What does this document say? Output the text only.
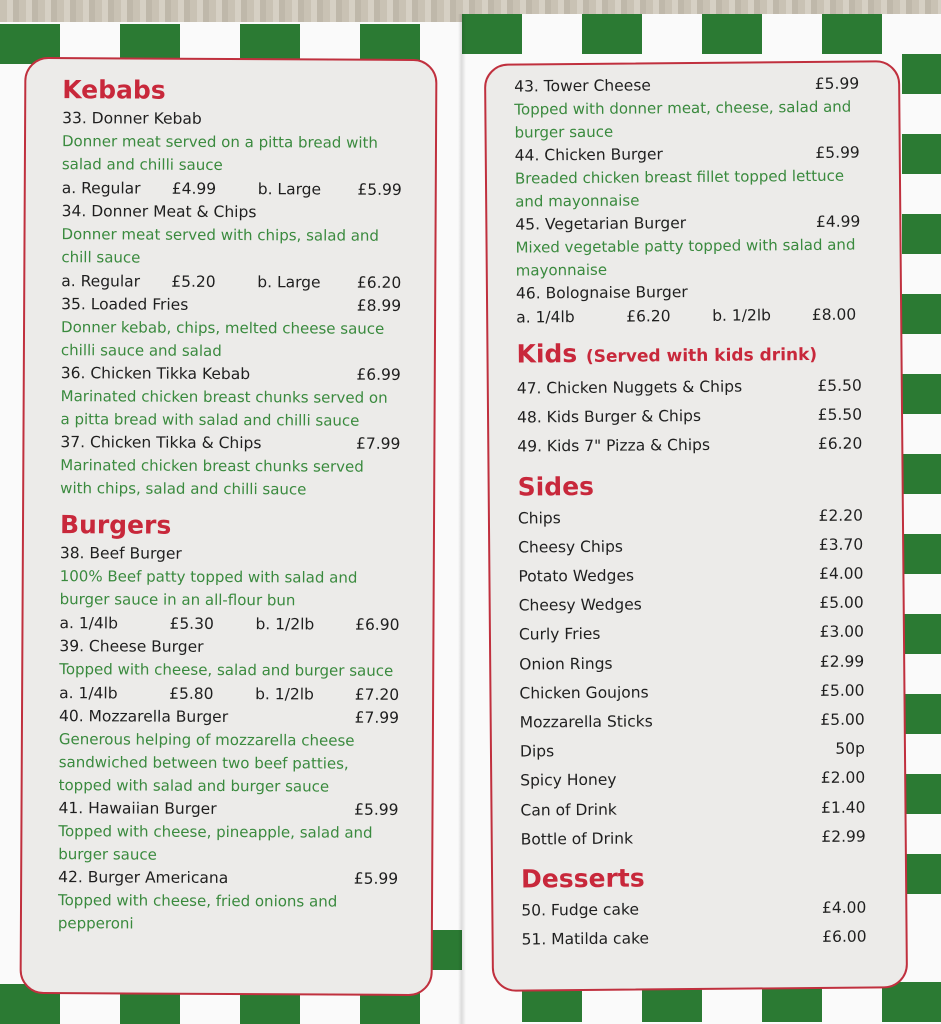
Kebabs
33. Donner Kebab
Donner meat served on a pitta bread with salad and chilli sauce
a. Regular	£4.99	b. Large	£5.99
34. Donner Meat & Chips
Donner meat served with chips, salad and chill sauce
a. Regular	£5.20	b. Large	£6.20
35. Loaded Fries	£8.99
Donner kebab, chips, melted cheese sauce chilli sauce and salad
36. Chicken Tikka Kebab	£6.99
Marinated chicken breast chunks served on a pitta bread with salad and chilli sauce
37. Chicken Tikka & Chips	£7.99
Marinated chicken breast chunks served with chips, salad and chilli sauce
Burgers
38. Beef Burger
100% Beef patty topped with salad and burger sauce in an all-flour bun
a. 1/4lb	£5.30	b. 1/2lb	£6.90
39. Cheese Burger
Topped with cheese, salad and burger sauce
a. 1/4lb	£5.80	b. 1/2lb	£7.20
40. Mozzarella Burger	£7.99
Generous helping of mozzarella cheese sandwiched between two beef patties, topped with salad and burger sauce
41. Hawaiian Burger	£5.99
Topped with cheese, pineapple, salad and burger sauce
42. Burger Americana	£5.99
Topped with cheese, fried onions and pepperoni
43. Tower Cheese	£5.99
Topped with donner meat, cheese, salad and burger sauce
44. Chicken Burger	£5.99
Breaded chicken breast fillet topped lettuce and mayonnaise
45. Vegetarian Burger	£4.99
Mixed vegetable patty topped with salad and mayonnaise
46. Bolognaise Burger
a. 1/4lb	£6.20	b. 1/2lb	£8.00
Kids (Served with kids drink)
47. Chicken Nuggets & Chips	£5.50
48. Kids Burger & Chips	£5.50
49. Kids 7" Pizza & Chips	£6.20
Sides
Chips	£2.20
Cheesy Chips	£3.70
Potato Wedges	£4.00
Cheesy Wedges	£5.00
Curly Fries	£3.00
Onion Rings	£2.99
Chicken Goujons	£5.00
Mozzarella Sticks	£5.00
Dips	50p
Spicy Honey	£2.00
Can of Drink	£1.40
Bottle of Drink	£2.99
Desserts
50. Fudge cake	£4.00
51. Matilda cake	£6.00
